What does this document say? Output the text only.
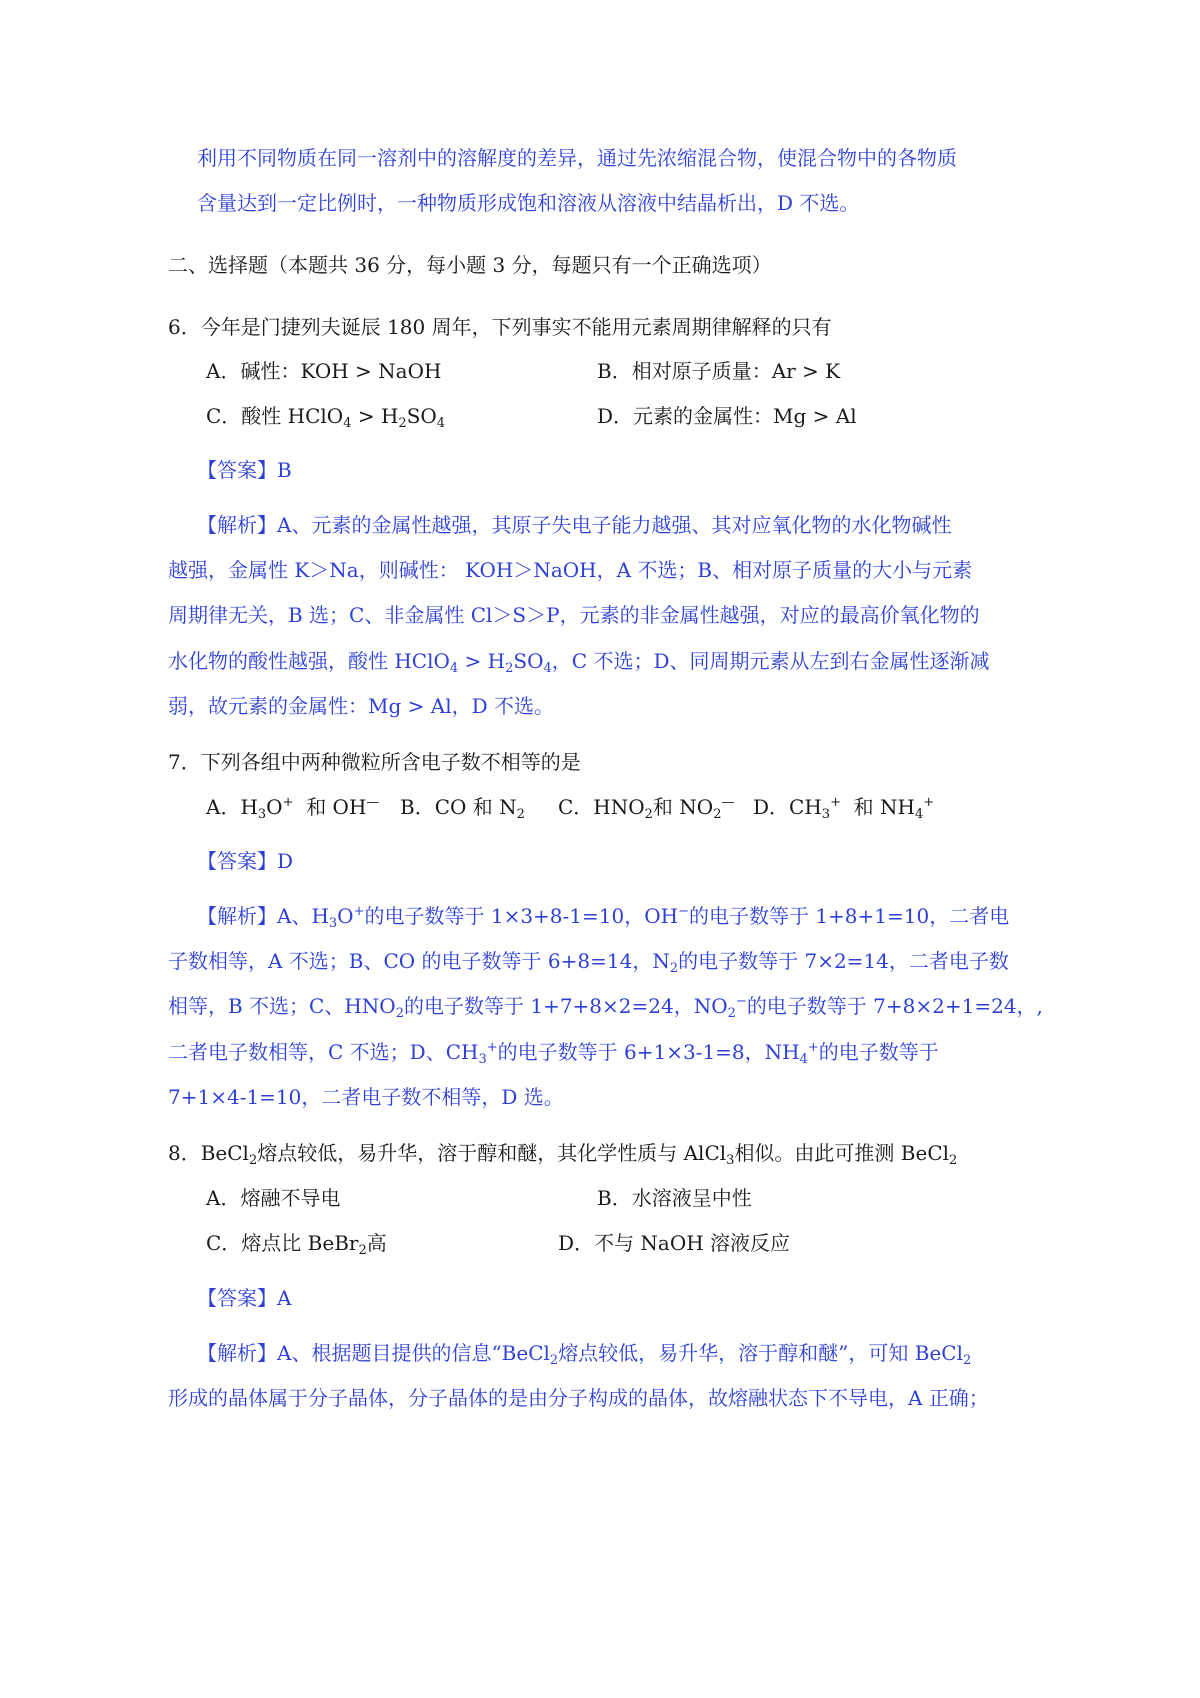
利用不同物质在同一溶剂中的溶解度的差异，通过先浓缩混合物，使混合物中的各物质
含量达到一定比例时，一种物质形成饱和溶液从溶液中结晶析出，D 不选。
二、选择题（本题共 36 分，每小题 3 分，每题只有一个正确选项）
6．今年是门捷列夫诞辰 180 周年，下列事实不能用元素周期律解释的只有
A．碱性：KOH > NaOH	B．相对原子质量：Ar > K
C．酸性 HClO$_4$ > $H_2SO_4$	D．元素的金属性：Mg > Al
【答案】B
【解析】A、元素的金属性越强，其原子失电子能力越强、其对应氧化物的水化物碱性
越强，金属性 K＞Na，则碱性： KOH＞NaOH，A 不选；B、相对原子质量的大小与元素
周期律无关，B 选；C、非金属性 Cl＞S＞P，元素的非金属性越强，对应的最高价氧化物的
水化物的酸性越强，酸性 HClO$_4$ > $H_2SO_4$，C 不选；D、同周期元素从左到右金属性逐渐减
弱，故元素的金属性：Mg > Al，D 不选。
7．下列各组中两种微粒所含电子数不相等的是
A．$H_3O^+$  和 OH— B．CO 和 $N_2$ C．$HNO_2$和 $NO_2^—$ D．$CH_3^+$  和 $NH_4^+$
【答案】D
【解析】A、$H_3O^+$的电子数等于 1×3+8-1=10，OH−的电子数等于 1+8+1=10，二者电
子数相等，A 不选；B、CO 的电子数等于 6+8=14，$N_2$的电子数等于 7×2=14，二者电子数
相等，B 不选；C、$HNO_2$的电子数等于 1+7+8×2=24，$NO_2^-$的电子数等于 7+8×2+1=24，,
二者电子数相等，C 不选；D、$CH_3^+$的电子数等于 6+1×3-1=8，$NH_4^+$的电子数等于
7+1×4-1=10，二者电子数不相等，D 选。
8．BeCl$_2$熔点较低，易升华，溶于醇和醚，其化学性质与 AlCl$_3$相似。由此可推测 BeCl$_2$
A．熔融不导电	B．水溶液呈中性
C．熔点比 BeBr$_2$高	D．不与 NaOH 溶液反应
【答案】A
【解析】A、根据题目提供的信息“BeCl$_2$熔点较低，易升华，溶于醇和醚”，可知 BeCl$_2$
形成的晶体属于分子晶体，分子晶体的是由分子构成的晶体，故熔融状态下不导电，A 正确；
